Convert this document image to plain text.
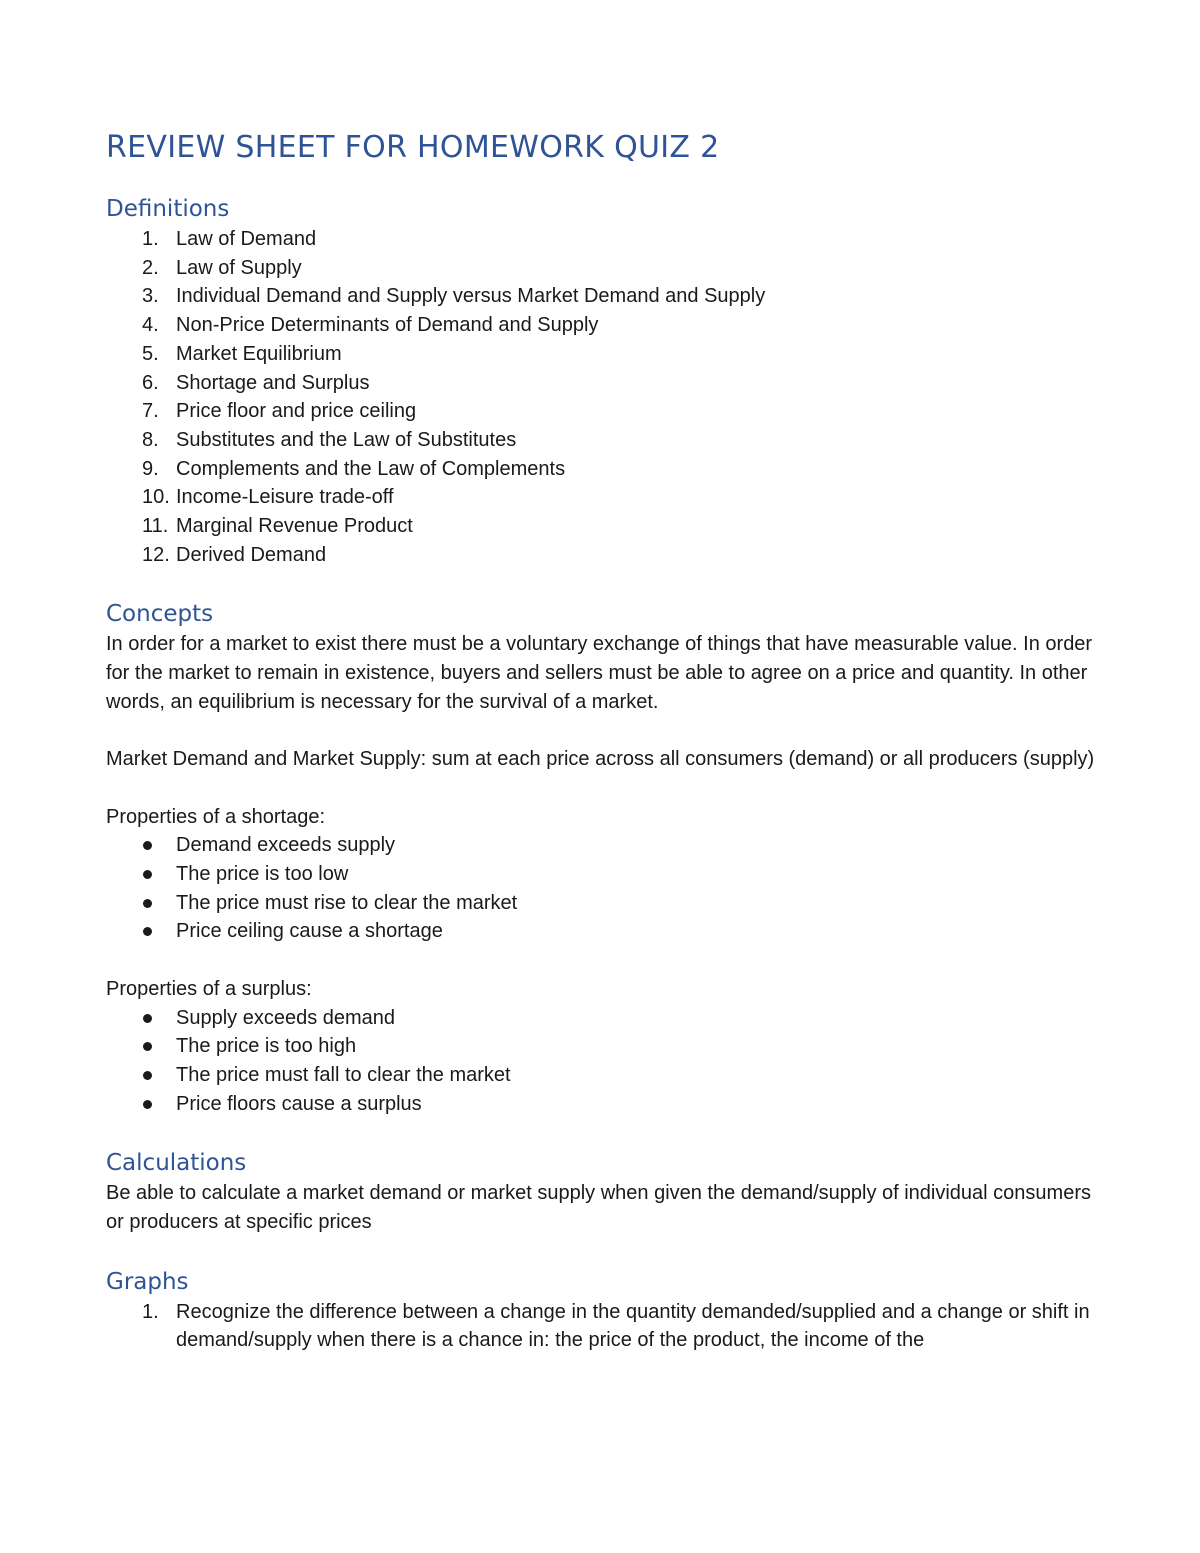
REVIEW SHEET FOR HOMEWORK QUIZ 2
Definitions
1. Law of Demand
2. Law of Supply
3. Individual Demand and Supply versus Market Demand and Supply
4. Non-Price Determinants of Demand and Supply
5. Market Equilibrium
6. Shortage and Surplus
7. Price floor and price ceiling
8. Substitutes and the Law of Substitutes
9. Complements and the Law of Complements
10. Income-Leisure trade-off
11. Marginal Revenue Product
12. Derived Demand
Concepts

In order for a market to exist there must be a voluntary exchange of things that have measurable value. In order for the market to remain in existence, buyers and sellers must be able to agree on a price and quantity. In other words, an equilibrium is necessary for the survival of a market.

Market Demand and Market Supply: sum at each price across all consumers (demand) or all producers (supply)

Properties of a shortage:

Demand exceeds supply
The price is too low
The price must rise to clear the market
Price ceiling cause a shortage

Properties of a surplus:

Supply exceeds demand
The price is too high
The price must fall to clear the market
Price floors cause a surplus
Calculations

Be able to calculate a market demand or market supply when given the demand/supply of individual consumers or producers at specific prices

Graphs
1. Recognize the difference between a change in the quantity demanded/supplied and a change or shift in demand/supply when there is a chance in: the price of the product, the income of the
